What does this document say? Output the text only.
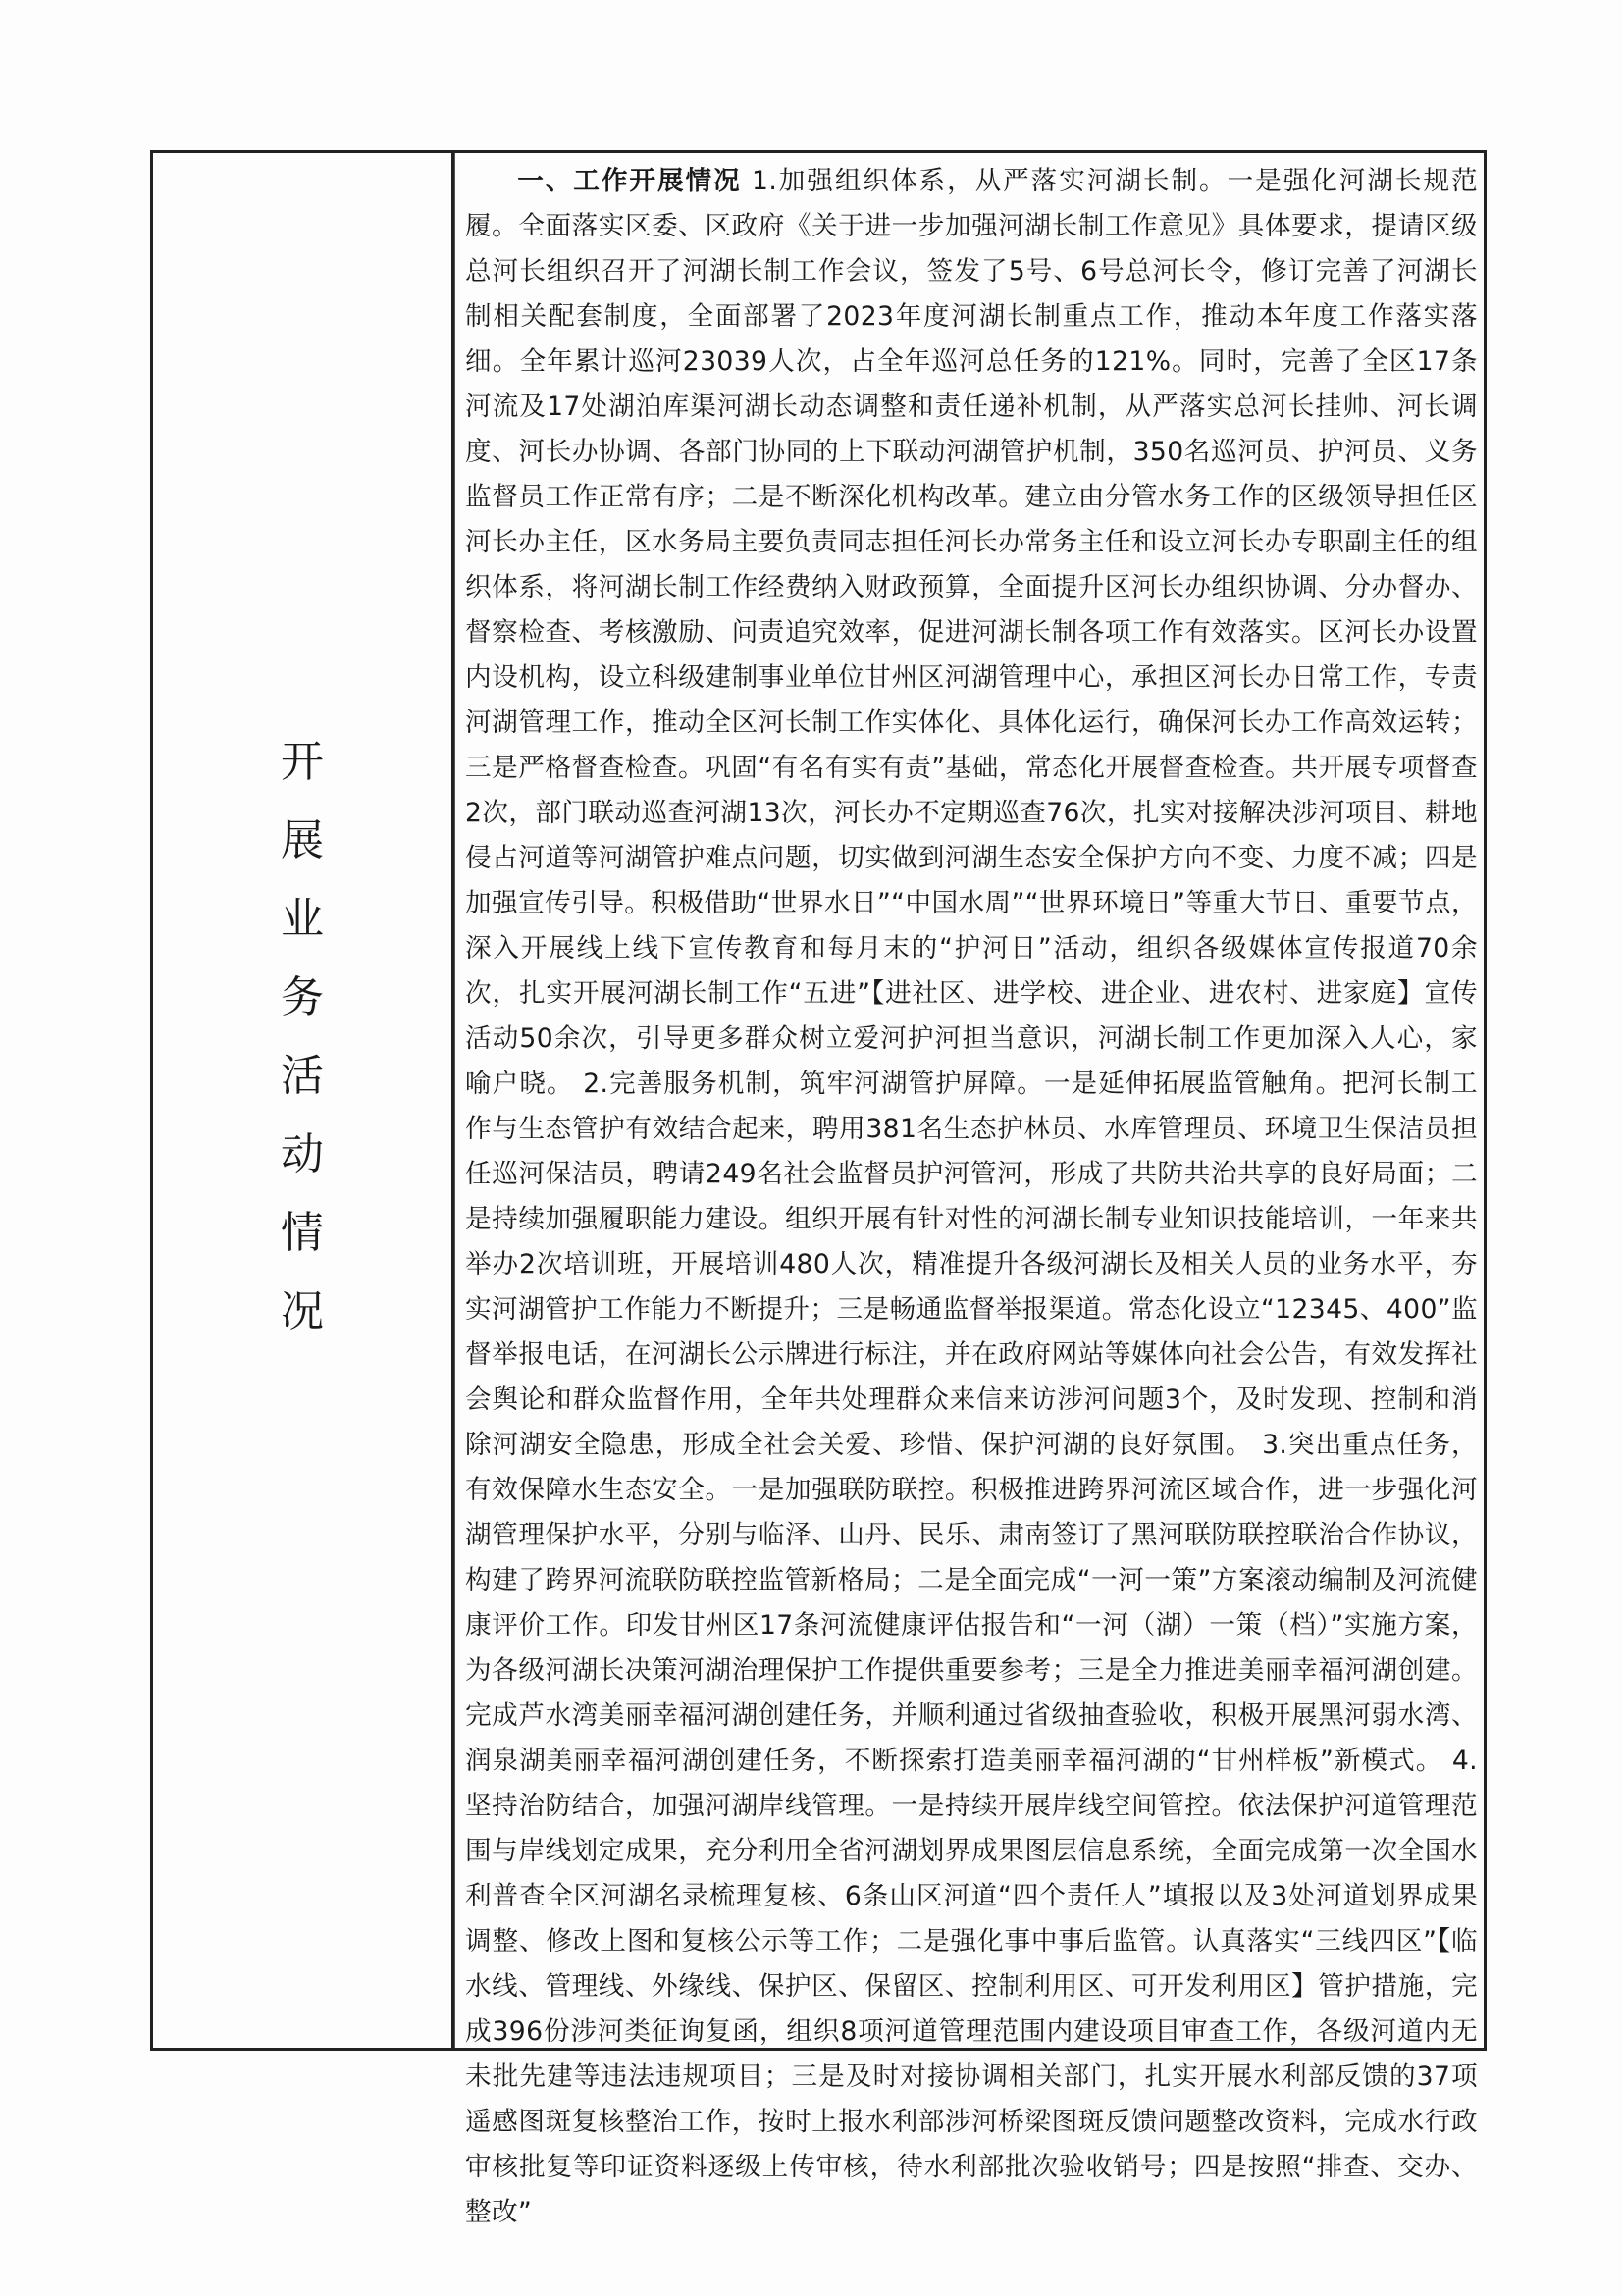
开
展
业
务
活
动
情
况
一、工作开展情况 1.加强组织体系，从严落实河湖长制。一是强化河湖长规范履。全面落实区委、区政府《关于进一步加强河湖长制工作意见》具体要求，提请区级总河长组织召开了河湖长制工作会议，签发了5号、6号总河长令，修订完善了河湖长制相关配套制度，全面部署了2023年度河湖长制重点工作，推动本年度工作落实落细。全年累计巡河23039人次，占全年巡河总任务的121%。同时，完善了全区17条河流及17处湖泊库渠河湖长动态调整和责任递补机制，从严落实总河长挂帅、河长调度、河长办协调、各部门协同的上下联动河湖管护机制，350名巡河员、护河员、义务监督员工作正常有序；二是不断深化机构改革。建立由分管水务工作的区级领导担任区河长办主任，区水务局主要负责同志担任河长办常务主任和设立河长办专职副主任的组织体系，将河湖长制工作经费纳入财政预算，全面提升区河长办组织协调、分办督办、督察检查、考核激励、问责追究效率，促进河湖长制各项工作有效落实。区河长办设置内设机构，设立科级建制事业单位甘州区河湖管理中心，承担区河长办日常工作，专责河湖管理工作，推动全区河长制工作实体化、具体化运行，确保河长办工作高效运转；三是严格督查检查。巩固“有名有实有责”基础，常态化开展督查检查。共开展专项督查2次，部门联动巡查河湖13次，河长办不定期巡查76次，扎实对接解决涉河项目、耕地侵占河道等河湖管护难点问题，切实做到河湖生态安全保护方向不变、力度不减；四是加强宣传引导。积极借助“世界水日”“中国水周”“世界环境日”等重大节日、重要节点，深入开展线上线下宣传教育和每月末的“护河日”活动，组织各级媒体宣传报道70余次，扎实开展河湖长制工作“五进”【进社区、进学校、进企业、进农村、进家庭】宣传活动50余次，引导更多群众树立爱河护河担当意识，河湖长制工作更加深入人心，家喻户晓。 2.完善服务机制，筑牢河湖管护屏障。一是延伸拓展监管触角。把河长制工作与生态管护有效结合起来，聘用381名生态护林员、水库管理员、环境卫生保洁员担任巡河保洁员，聘请249名社会监督员护河管河，形成了共防共治共享的良好局面；二是持续加强履职能力建设。组织开展有针对性的河湖长制专业知识技能培训，一年来共举办2次培训班，开展培训480人次，精准提升各级河湖长及相关人员的业务水平，夯实河湖管护工作能力不断提升；三是畅通监督举报渠道。常态化设立“12345、400”监督举报电话，在河湖长公示牌进行标注，并在政府网站等媒体向社会公告，有效发挥社会舆论和群众监督作用，全年共处理群众来信来访涉河问题3个，及时发现、控制和消除河湖安全隐患，形成全社会关爱、珍惜、保护河湖的良好氛围。 3.突出重点任务，有效保障水生态安全。一是加强联防联控。积极推进跨界河流区域合作，进一步强化河湖管理保护水平，分别与临泽、山丹、民乐、肃南签订了黑河联防联控联治合作协议，构建了跨界河流联防联控监管新格局；二是全面完成“一河一策”方案滚动编制及河流健康评价工作。印发甘州区17条河流健康评估报告和“一河（湖）一策（档）”实施方案，为各级河湖长决策河湖治理保护工作提供重要参考；三是全力推进美丽幸福河湖创建。完成芦水湾美丽幸福河湖创建任务，并顺利通过省级抽查验收，积极开展黑河弱水湾、润泉湖美丽幸福河湖创建任务，不断探索打造美丽幸福河湖的“甘州样板”新模式。 4.坚持治防结合，加强河湖岸线管理。一是持续开展岸线空间管控。依法保护河道管理范围与岸线划定成果，充分利用全省河湖划界成果图层信息系统，全面完成第一次全国水利普查全区河湖名录梳理复核、6条山区河道“四个责任人”填报以及3处河道划界成果调整、修改上图和复核公示等工作；二是强化事中事后监管。认真落实“三线四区”【临水线、管理线、外缘线、保护区、保留区、控制利用区、可开发利用区】管护措施，完成396份涉河类征询复函，组织8项河道管理范围内建设项目审查工作，各级河道内无未批先建等违法违规项目；三是及时对接协调相关部门，扎实开展水利部反馈的37项遥感图斑复核整治工作，按时上报水利部涉河桥梁图斑反馈问题整改资料，完成水行政审核批复等印证资料逐级上传审核，待水利部批次验收销号；四是按照“排查、交办、整改”
